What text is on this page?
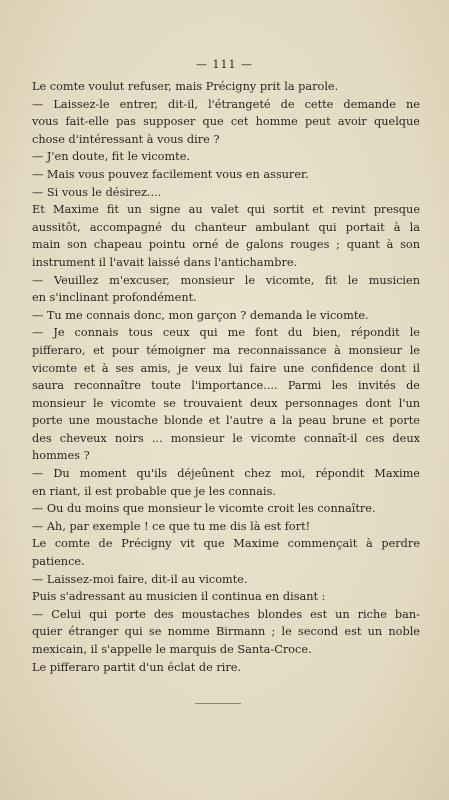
— 111 —
Le comte voulut refuser, mais Précigny prit la parole.
— Laissez-le entrer, dit-il, l'étrangeté de cette demande ne
vous fait-elle pas supposer que cet homme peut avoir quelque
chose d'intéressant à vous dire ?
— J'en doute, fit le vicomte.
— Mais vous pouvez facilement vous en assurer.
— Si vous le désirez....
Et Maxime fit un signe au valet qui sortit et revint presque
aussitôt, accompagné du chanteur ambulant qui portait à la
main son chapeau pointu orné de galons rouges ; quant à son
instrument il l'avait laissé dans l'antichambre.
— Veuillez m'excuser, monsieur le vicomte, fit le musicien
en s'inclinant profondément.
— Tu me connais donc, mon garçon ? demanda le vicomte.
— Je connais tous ceux qui me font du bien, répondit le
pifferaro, et pour témoigner ma reconnaissance à monsieur le
vicomte et à ses amis, je veux lui faire une confidence dont il
saura reconnaître toute l'importance.... Parmi les invités de
monsieur le vicomte se trouvaient deux personnages dont l'un
porte une moustache blonde et l'autre a la peau brune et porte
des cheveux noirs ... monsieur le vicomte connaît-il ces deux
hommes ?
— Du moment qu'ils déjeûnent chez moi, répondit Maxime
en riant, il est probable que je les connais.
— Ou du moins que monsieur le vicomte croit les connaître.
— Ah, par exemple ! ce que tu me dis là est fort!
Le comte de Précigny vit que Maxime commençait à perdre
patience.
— Laissez-moi faire, dit-il au vicomte.
Puis s'adressant au musicien il continua en disant :
— Celui qui porte des moustaches blondes est un riche ban-
quier étranger qui se nomme Birmann ; le second est un noble
mexicain, il s'appelle le marquis de Santa-Croce.
Le pifferaro partit d'un éclat de rire.
